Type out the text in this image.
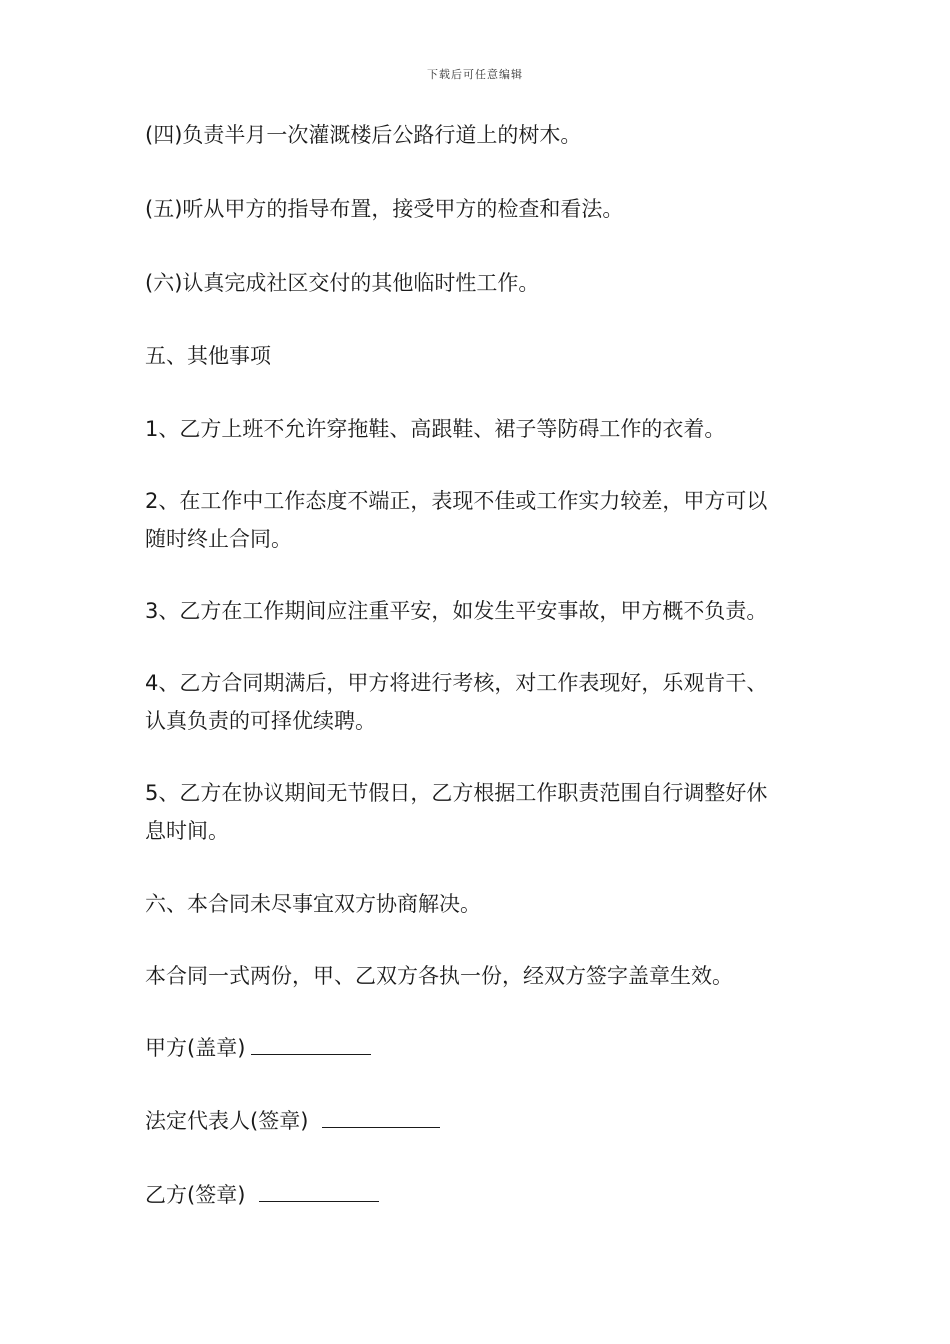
下载后可任意编辑
(四)负责半月一次灌溉楼后公路行道上的树木。
(五)听从甲方的指导布置，接受甲方的检查和看法。
(六)认真完成社区交付的其他临时性工作。
五、其他事项
1、乙方上班不允许穿拖鞋、高跟鞋、裙子等防碍工作的衣着。
2、在工作中工作态度不端正，表现不佳或工作实力较差，甲方可以
随时终止合同。
3、乙方在工作期间应注重平安，如发生平安事故，甲方概不负责。
4、乙方合同期满后，甲方将进行考核，对工作表现好，乐观肯干、
认真负责的可择优续聘。
5、乙方在协议期间无节假日，乙方根据工作职责范围自行调整好休
息时间。
六、本合同未尽事宜双方协商解决。
本合同一式两份，甲、乙双方各执一份，经双方签字盖章生效。
甲方(盖章)
法定代表人(签章)
乙方(签章)
